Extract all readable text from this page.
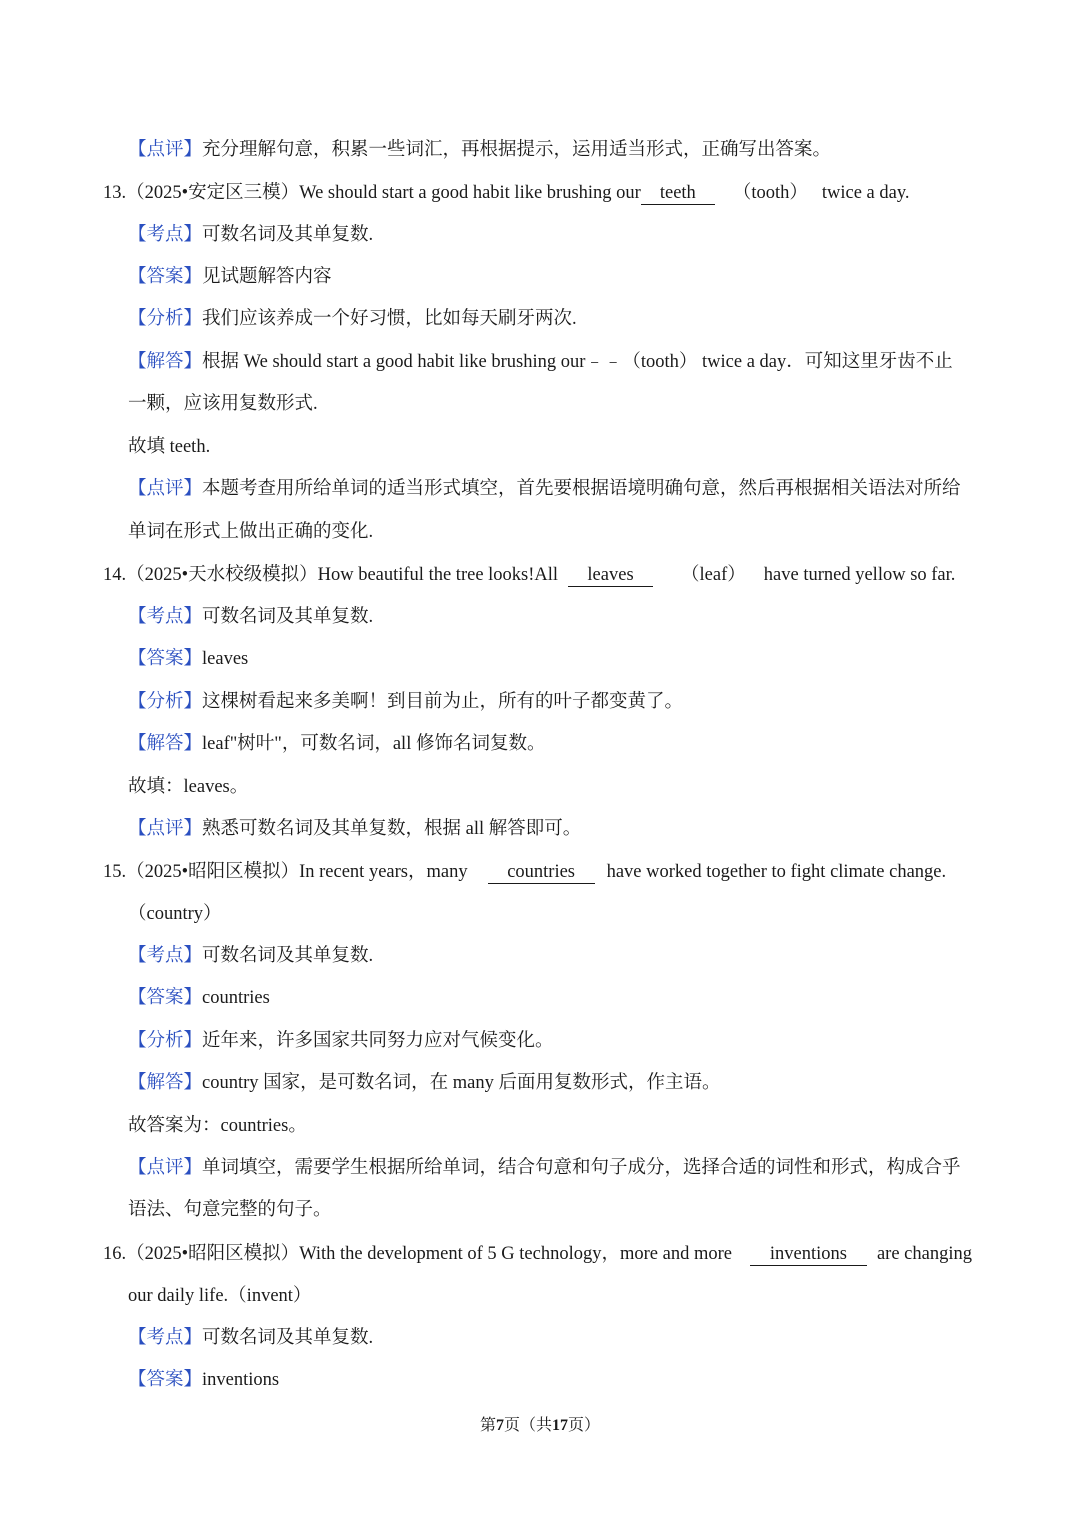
【点评】充分理解句意，积累一些词汇，再根据提示，运用适当形式，正确写出答案。
13.（2025•安定区三模）We should start a good habit like brushing our teeth （tooth） twice a day.
【考点】可数名词及其单复数.
【答案】见试题解答内容
【分析】我们应该养成一个好习惯，比如每天刷牙两次.
【解答】根据 We should start a good habit like brushing our﹣﹣（tooth） twice a day．可知这里牙齿不止
一颗，应该用复数形式.
故填 teeth.
【点评】本题考查用所给单词的适当形式填空，首先要根据语境明确句意，然后再根据相关语法对所给
单词在形式上做出正确的变化.
14.（2025•天水校级模拟）How beautiful the tree looks!All leaves	（leaf） have turned yellow so far.
【考点】可数名词及其单复数.
【答案】leaves
【分析】这棵树看起来多美啊！到目前为止，所有的叶子都变黄了。
【解答】leaf"树叶"，可数名词，all 修饰名词复数。
故填：leaves。
【点评】熟悉可数名词及其单复数，根据 all 解答即可。
15.（2025•昭阳区模拟）In recent years，many countries have worked together to fight climate change.
（country）
【考点】可数名词及其单复数.
【答案】countries
【分析】近年来，许多国家共同努力应对气候变化。
【解答】country 国家，是可数名词，在 many 后面用复数形式，作主语。
故答案为：countries。
【点评】单词填空，需要学生根据所给单词，结合句意和句子成分，选择合适的词性和形式，构成合乎
语法、句意完整的句子。
16.（2025•昭阳区模拟）With the development of 5 G technology，more and more inventions are changing
our daily life.（invent）
【考点】可数名词及其单复数.
【答案】inventions
第7页（共17页）
